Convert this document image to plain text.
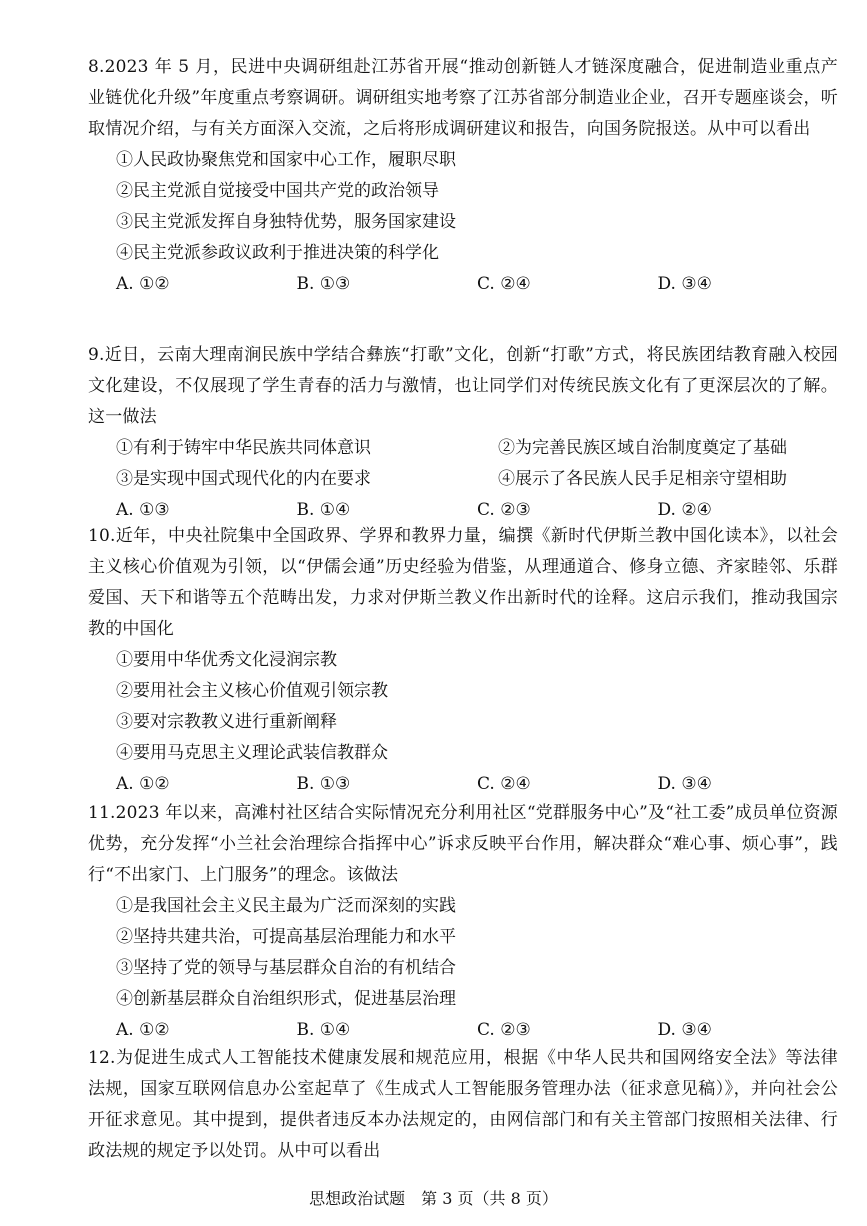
8.2023 年 5 月，民进中央调研组赴江苏省开展“推动创新链人才链深度融合，促进制造业重点产业链优化升级”年度重点考察调研。调研组实地考察了江苏省部分制造业企业，召开专题座谈会，听取情况介绍，与有关方面深入交流，之后将形成调研建议和报告，向国务院报送。从中可以看出

①人民政协聚焦党和国家中心工作，履职尽职

②民主党派自觉接受中国共产党的政治领导

③民主党派发挥自身独特优势，服务国家建设

④民主党派参政议政利于推进决策的科学化

A. ①②	B. ①③	C. ②④	D. ③④

9.近日，云南大理南涧民族中学结合彝族“打歌”文化，创新“打歌”方式，将民族团结教育融入校园文化建设，不仅展现了学生青春的活力与激情，也让同学们对传统民族文化有了更深层次的了解。这一做法

①有利于铸牢中华民族共同体意识	②为完善民族区域自治制度奠定了基础

③是实现中国式现代化的内在要求	④展示了各民族人民手足相亲守望相助

A. ①③	B. ①④	C. ②③	D. ②④

10.近年，中央社院集中全国政界、学界和教界力量，编撰《新时代伊斯兰教中国化读本》，以社会主义核心价值观为引领，以“伊儒会通”历史经验为借鉴，从理通道合、修身立德、齐家睦邻、乐群爱国、天下和谐等五个范畴出发，力求对伊斯兰教义作出新时代的诠释。这启示我们，推动我国宗教的中国化

①要用中华优秀文化浸润宗教

②要用社会主义核心价值观引领宗教

③要对宗教教义进行重新阐释

④要用马克思主义理论武装信教群众

A. ①②	B. ①③	C. ②④	D. ③④

11.2023 年以来，高滩村社区结合实际情况充分利用社区“党群服务中心”及“社工委”成员单位资源优势，充分发挥“小兰社会治理综合指挥中心”诉求反映平台作用，解决群众“难心事、烦心事”，践行“不出家门、上门服务”的理念。该做法

①是我国社会主义民主最为广泛而深刻的实践

②坚持共建共治，可提高基层治理能力和水平

③坚持了党的领导与基层群众自治的有机结合

④创新基层群众自治组织形式，促进基层治理

A. ①②	B. ①④	C. ②③	D. ③④

12.为促进生成式人工智能技术健康发展和规范应用，根据《中华人民共和国网络安全法》等法律法规，国家互联网信息办公室起草了《生成式人工智能服务管理办法（征求意见稿）》，并向社会公开征求意见。其中提到，提供者违反本办法规定的，由网信部门和有关主管部门按照相关法律、行政法规的规定予以处罚。从中可以看出

思想政治试题　第 3 页（共 8 页）
